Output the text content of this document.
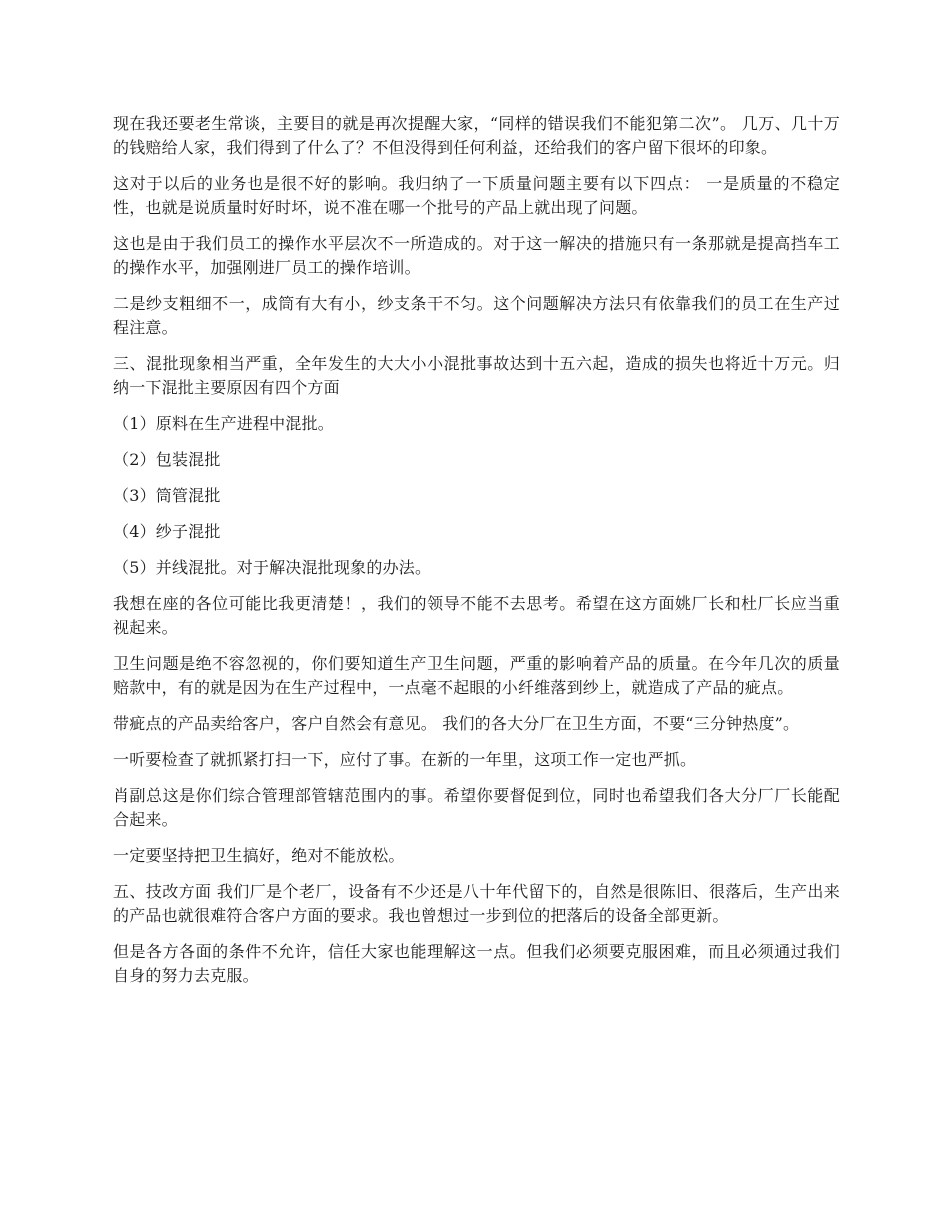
现在我还要老生常谈，主要目的就是再次提醒大家，“同样的错误我们不能犯第二次”。 几万、几十万的钱赔给人家，我们得到了什么了？不但没得到任何利益，还给我们的客户留下很坏的印象。

这对于以后的业务也是很不好的影响。我归纳了一下质量问题主要有以下四点： 一是质量的不稳定性，也就是说质量时好时坏，说不准在哪一个批号的产品上就出现了问题。

这也是由于我们员工的操作水平层次不一所造成的。对于这一解决的措施只有一条那就是提高挡车工的操作水平，加强刚进厂员工的操作培训。

二是纱支粗细不一，成筒有大有小，纱支条干不匀。这个问题解决方法只有依靠我们的员工在生产过程注意。

三、混批现象相当严重，全年发生的大大小小混批事故达到十五六起，造成的损失也将近十万元。归纳一下混批主要原因有四个方面

（1）原料在生产进程中混批。

（2）包装混批

（3）筒管混批

（4）纱子混批

（5）并线混批。对于解决混批现象的办法。

我想在座的各位可能比我更清楚！，我们的领导不能不去思考。希望在这方面姚厂长和杜厂长应当重视起来。

卫生问题是绝不容忽视的，你们要知道生产卫生问题，严重的影响着产品的质量。在今年几次的质量赔款中，有的就是因为在生产过程中，一点毫不起眼的小纤维落到纱上，就造成了产品的疵点。

带疵点的产品卖给客户，客户自然会有意见。 我们的各大分厂在卫生方面，不要“三分钟热度”。

一听要检查了就抓紧打扫一下，应付了事。在新的一年里，这项工作一定也严抓。

肖副总这是你们综合管理部管辖范围内的事。希望你要督促到位，同时也希望我们各大分厂厂长能配合起来。

一定要坚持把卫生搞好，绝对不能放松。

五、技改方面 我们厂是个老厂，设备有不少还是八十年代留下的，自然是很陈旧、很落后，生产出来的产品也就很难符合客户方面的要求。我也曾想过一步到位的把落后的设备全部更新。

但是各方各面的条件不允许，信任大家也能理解这一点。但我们必须要克服困难，而且必须通过我们自身的努力去克服。
